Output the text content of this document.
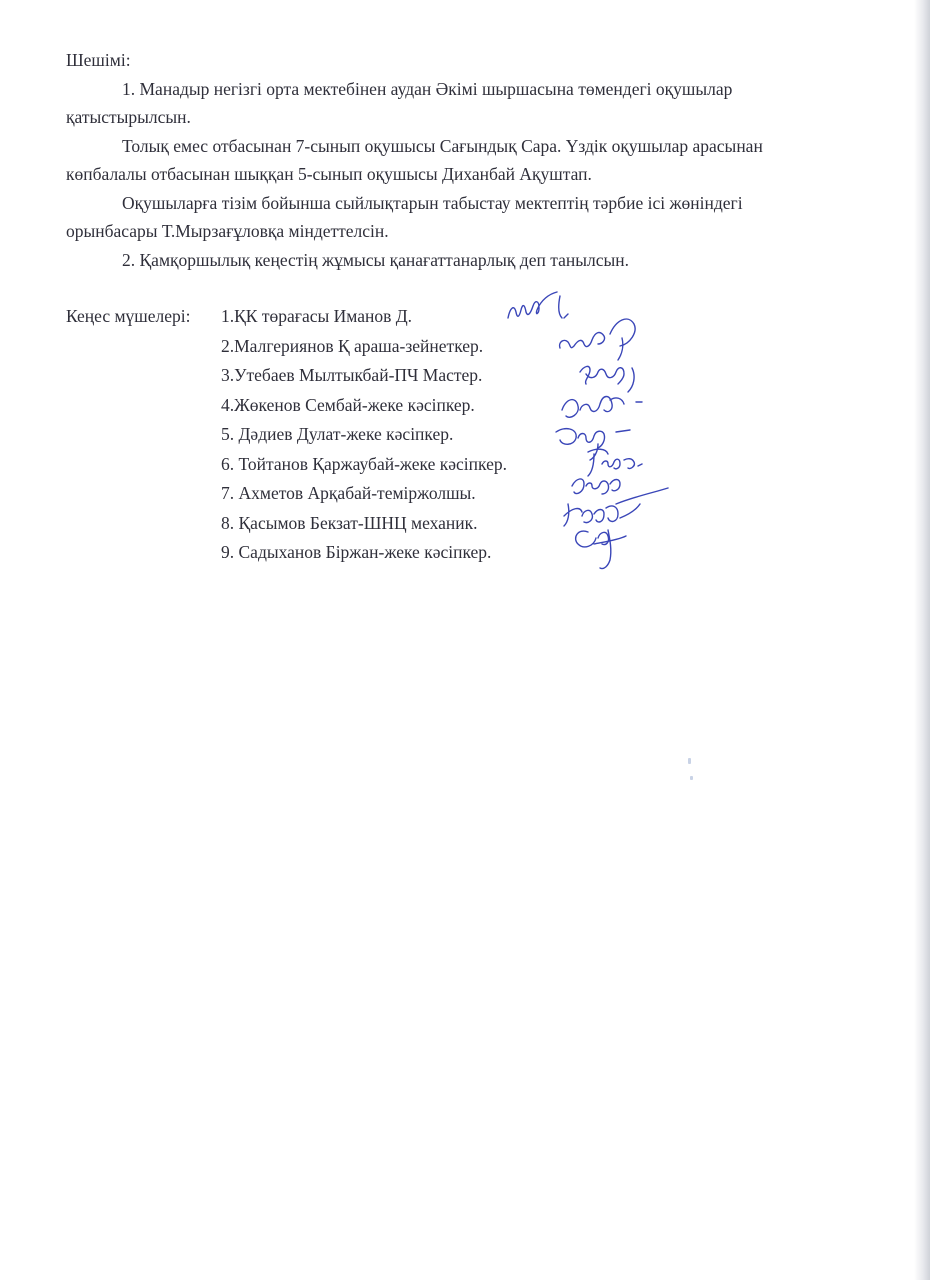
Шешімі:

1. Манадыр негізгі орта мектебінен аудан Әкімі шыршасына төмендегі оқушылар қатыстырылсын.

Толық емес отбасынан 7-сынып оқушысы Сағындық Сара. Үздік оқушылар арасынан көпбалалы отбасынан шыққан 5-сынып оқушысы Диханбай Ақуштап.

Оқушыларға тізім бойынша сыйлықтарын табыстау мектептің тәрбие ісі жөніндегі орынбасары Т.Мырзағұловқа міндеттелсін.

2. Қамқоршылық кеңестің жұмысы қанағаттанарлық деп танылсын.

Кеңес мүшелері: 1.ҚК төрағасы Иманов Д.
2.Малгериянов Қ араша-зейнеткер.
3.Утебаев Мылтыкбай-ПЧ Мастер.
4.Жөкенов Сембай-жеке кәсіпкер.
5. Дәдиев Дулат-жеке кәсіпкер.
6. Тойтанов Қаржаубай-жеке кәсіпкер.
7. Ахметов Арқабай-теміржолшы.
8. Қасымов Бекзат-ШНЦ механик.
9. Садыханов Біржан-жеке кәсіпкер.
